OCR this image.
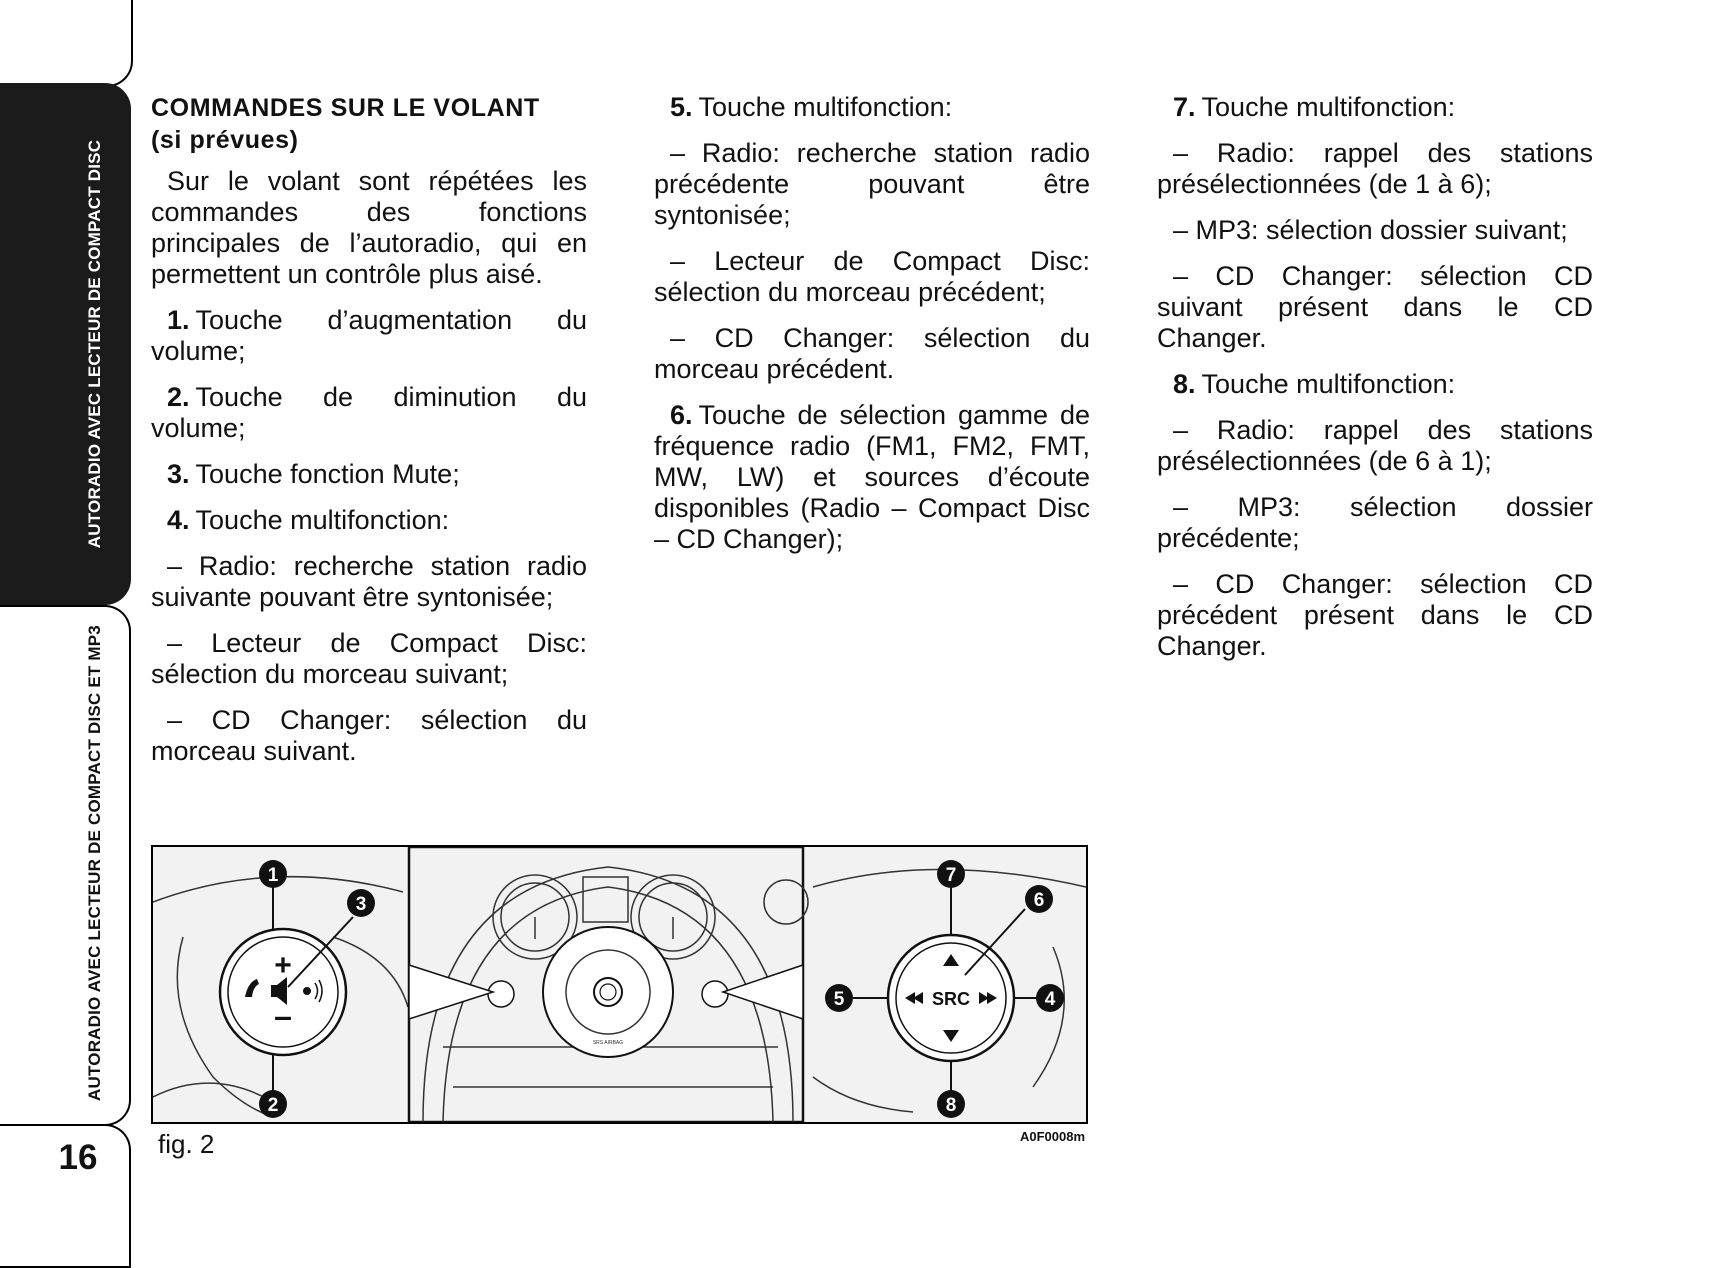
AUTORADIO AVEC LECTEUR DE COMPACT DISC
AUTORADIO AVEC LECTEUR DE COMPACT DISC ET MP3
16
COMMANDES SUR LE VOLANT
(si prévues)

Sur le volant sont répétées les commandes des fonctions principales de l’autoradio, qui en permettent un contrôle plus aisé.

1. Touche d’augmentation du volume;

2. Touche de diminution du volume;

3. Touche fonction Mute;

4. Touche multifonction:

– Radio: recherche station radio suivante pouvant être syntonisée;

– Lecteur de Compact Disc: sélection du morceau suivant;

– CD Changer: sélection du morceau suivant.

5. Touche multifonction:

– Radio: recherche station radio précédente pouvant être syntonisée;

– Lecteur de Compact Disc: sélection du morceau précédent;

– CD Changer: sélection du morceau précédent.

6. Touche de sélection gamme de fréquence radio (FM1, FM2, FMT, MW, LW) et sources d’écoute disponibles (Radio – Compact Disc – CD Changer);

7. Touche multifonction:

– Radio: rappel des stations présélectionnées (de 1 à 6);

– MP3: sélection dossier suivant;

– CD Changer: sélection CD suivant présent dans le CD Changer.

8. Touche multifonction:

– Radio: rappel des stations présélectionnées (de 6 à 1);

– MP3: sélection dossier précédente;

– CD Changer: sélection CD précédent présent dans le CD Changer.

+
–
SRS AIRBAG
SRC
1
2
3
4
5
6
7
8
fig. 2	A0F0008m
